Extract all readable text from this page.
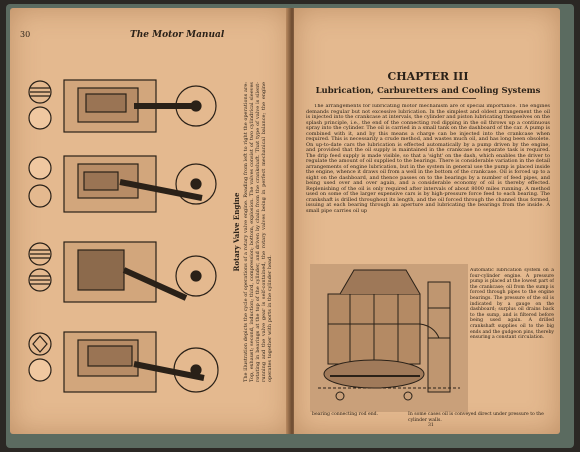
30	The Motor Manual
Rotary Valve Engine The illustration depicts the cycle of operations of a rotary valve engine. Reading from left to right the operations are: Top, exhaust; second, induction; third, compression; bottom, explosion. The valves consist of two cylindrical sleeves rotating in bearings at the top of the cylinder, and driven by chain from the crankshaft. That type of valve is silent-running and the valve gear is self-contained, the rotary valves being in perfect mechanical balance; the engine operates together with ports in the cylinder head.
CHAPTER III
Lubrication, Carburetters and Cooling Systems
The arrangements for lubricating motor mechanism are of special importance. The engines demands regular but not excessive lubrication. In the simplest and oldest arrangement the oil is injected into the crankcase at intervals, the cylinder and piston lubricating themselves on the splash principle, i.e., the end of the connecting rod dipping in the oil throws up a continuous spray into the cylinder. The oil is carried in a small tank on the dashboard of the car. A pump is combined with it, and by this means a charge can be injected into the crankcase when required. This is necessarily a crude method, and wastes much oil, and has long been obsolete. On up-to-date cars the lubrication is effected automatically by a pump driven by the engine, and provided that the oil supply is maintained in the crankcase no separate task is required. The drip feed supply is made visible, so that a 'sight' on the dash, which enables the driver to regulate the amount of oil supplied to the bearings. There is considerable variation in the detail arrangements of engine lubrication, but in the system in general use the pump is placed inside the engine, whence it draws oil from a well in the bottom of the crankcase. Oil is forced up to a sight on the dashboard, and thence passes on to the bearings by a number of feed pipes, and being used over and over again, and a considerable economy of oil is thereby effected. Replenishing of the oil is only required after intervals of about 8000 miles running. A method used on some of the larger expensive cars is by high-pressure force feed to each bearing. The crankshaft is drilled throughout its length, and the oil forced through the channel thus formed, issuing at each bearing through an aperture and lubricating the bearings from the inside. A small pipe carries oil up
Automatic lubrication system on a four-cylinder engine. A pressure pump is placed at the lowest part of the crankcase; oil from the sump is forced through pipes to the engine bearings. The pressure of the oil is indicated by a gauge on the dashboard; surplus oil drains back to the sump, and is filtered before being used again. A drilled crankshaft supplies oil to the big ends and the gudgeon pins, thereby ensuring a constant circulation.
bearing connecting rod end.	In some cases oil is conveyed direct under pressure to the cylinder walls.
31
